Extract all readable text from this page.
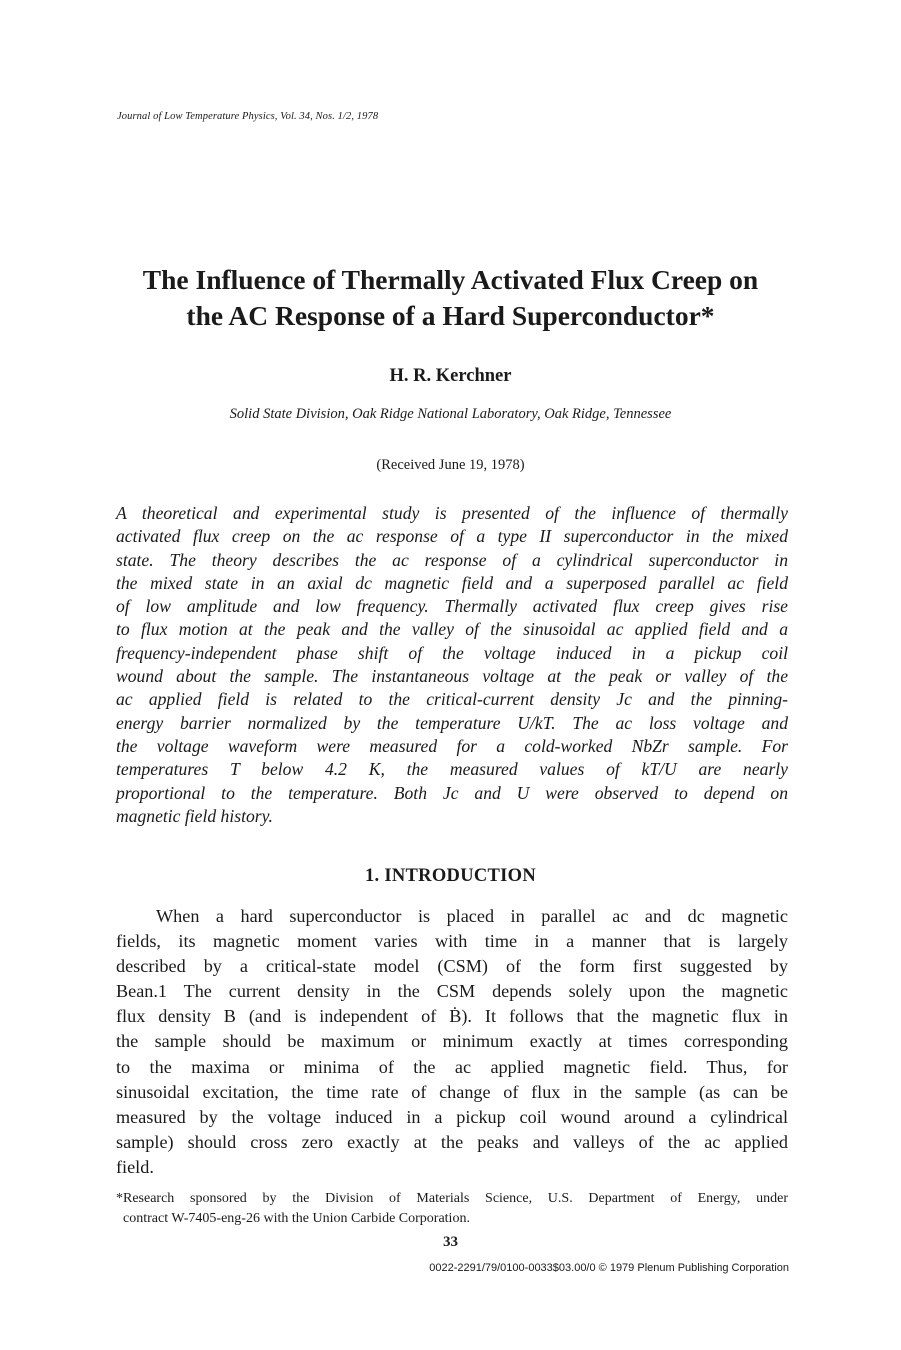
Journal of Low Temperature Physics, Vol. 34, Nos. 1/2, 1978
The Influence of Thermally Activated Flux Creep on
the AC Response of a Hard Superconductor*
H. R. Kerchner
Solid State Division, Oak Ridge National Laboratory, Oak Ridge, Tennessee
(Received June 19, 1978)
A theoretical and experimental study is presented of the influence of thermally
activated flux creep on the ac response of a type II superconductor in the mixed
state. The theory describes the ac response of a cylindrical superconductor in
the mixed state in an axial dc magnetic field and a superposed parallel ac field
of low amplitude and low frequency. Thermally activated flux creep gives rise
to flux motion at the peak and the valley of the sinusoidal ac applied field and a
frequency-independent phase shift of the voltage induced in a pickup coil
wound about the sample. The instantaneous voltage at the peak or valley of the
ac applied field is related to the critical-current density Jc and the pinning-
energy barrier normalized by the temperature U/kT. The ac loss voltage and
the voltage waveform were measured for a cold-worked NbZr sample. For
temperatures T below 4.2 K, the measured values of kT/U are nearly
proportional to the temperature. Both Jc and U were observed to depend on
magnetic field history.
1. INTRODUCTION
When a hard superconductor is placed in parallel ac and dc magnetic
fields, its magnetic moment varies with time in a manner that is largely
described by a critical-state model (CSM) of the form first suggested by
Bean.1 The current density in the CSM depends solely upon the magnetic
flux density B (and is independent of Ḃ). It follows that the magnetic flux in
the sample should be maximum or minimum exactly at times corresponding
to the maxima or minima of the ac applied magnetic field. Thus, for
sinusoidal excitation, the time rate of change of flux in the sample (as can be
measured by the voltage induced in a pickup coil wound around a cylindrical
sample) should cross zero exactly at the peaks and valleys of the ac applied
field.
*Research sponsored by the Division of Materials Science, U.S. Department of Energy, under
contract W-7405-eng-26 with the Union Carbide Corporation.
33
0022-2291/79/0100-0033$03.00/0 © 1979 Plenum Publishing Corporation
